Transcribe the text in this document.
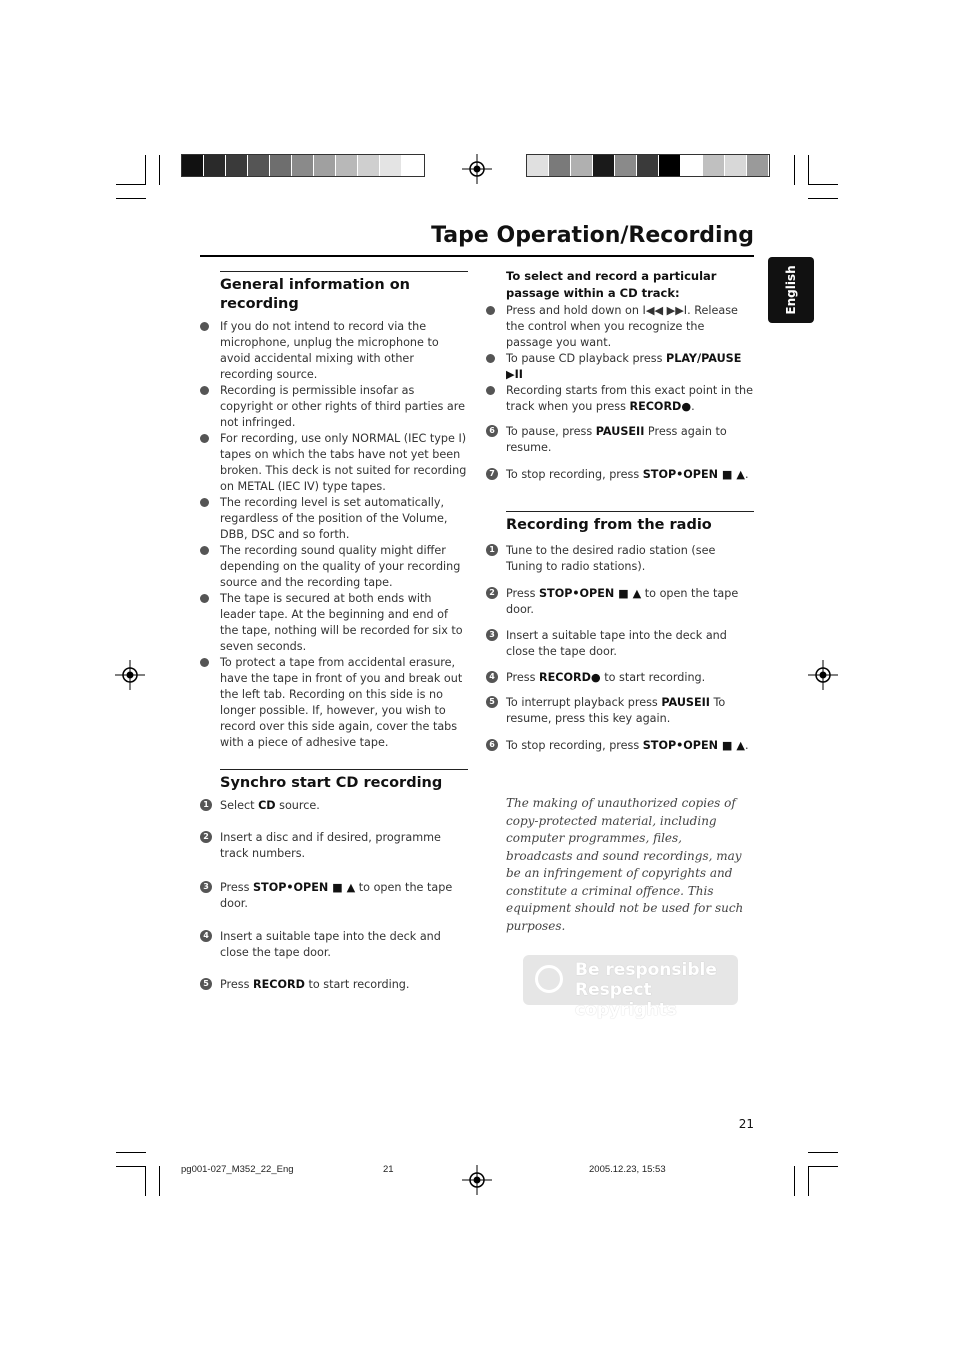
Tape Operation/Recording
English
General information on recording
If you do not intend to record via the microphone, unplug the microphone to avoid accidental mixing with other recording source.
Recording is permissible insofar as copyright or other rights of third parties are not infringed.
For recording, use only NORMAL (IEC type I) tapes on which the tabs have not yet been broken. This deck is not suited for recording on METAL (IEC IV) type tapes.
The recording level is set automatically, regardless of the position of the Volume, DBB, DSC and so forth.
The recording sound quality might differ depending on the quality of your recording source and the recording tape.
The tape is secured at both ends with leader tape. At the beginning and end of the tape, nothing will be recorded for six to seven seconds.
To protect a tape from accidental erasure, have the tape in front of you and break out the left tab. Recording on this side is no longer possible. If, however, you wish to record over this side again, cover the tabs with a piece of adhesive tape.
Synchro start CD recording
1 Select CD source.
2 Insert a disc and if desired, programme track numbers.
3 Press STOP•OPEN ■ ▲ to open the tape door.
4 Insert a suitable tape into the deck and close the tape door.
5 Press RECORD to start recording.
To select and record a particular passage within a CD track:
Press and hold down on I◀◀ ▶▶I. Release the control when you recognize the passage you want.
To pause CD playback press PLAY/PAUSE ▶II
Recording starts from this exact point in the track when you press RECORD●.
6 To pause, press PAUSEII Press again to resume.
7 To stop recording, press STOP•OPEN ■ ▲.
Recording from the radio
1 Tune to the desired radio station (see Tuning to radio stations).
2 Press STOP•OPEN ■ ▲ to open the tape door.
3 Insert a suitable tape into the deck and close the tape door.
4 Press RECORD● to start recording.
5 To interrupt playback press PAUSEII To resume, press this key again.
6 To stop recording, press STOP•OPEN ■ ▲.
The making of unauthorized copies of copy-protected material, including computer programmes, files, broadcasts and sound recordings, may be an infringement of copyrights and constitute a criminal offence. This equipment should not be used for such purposes.
Be responsible
Respect copyrights
21
pg001-027_M352_22_Eng	21	2005.12.23, 15:53
